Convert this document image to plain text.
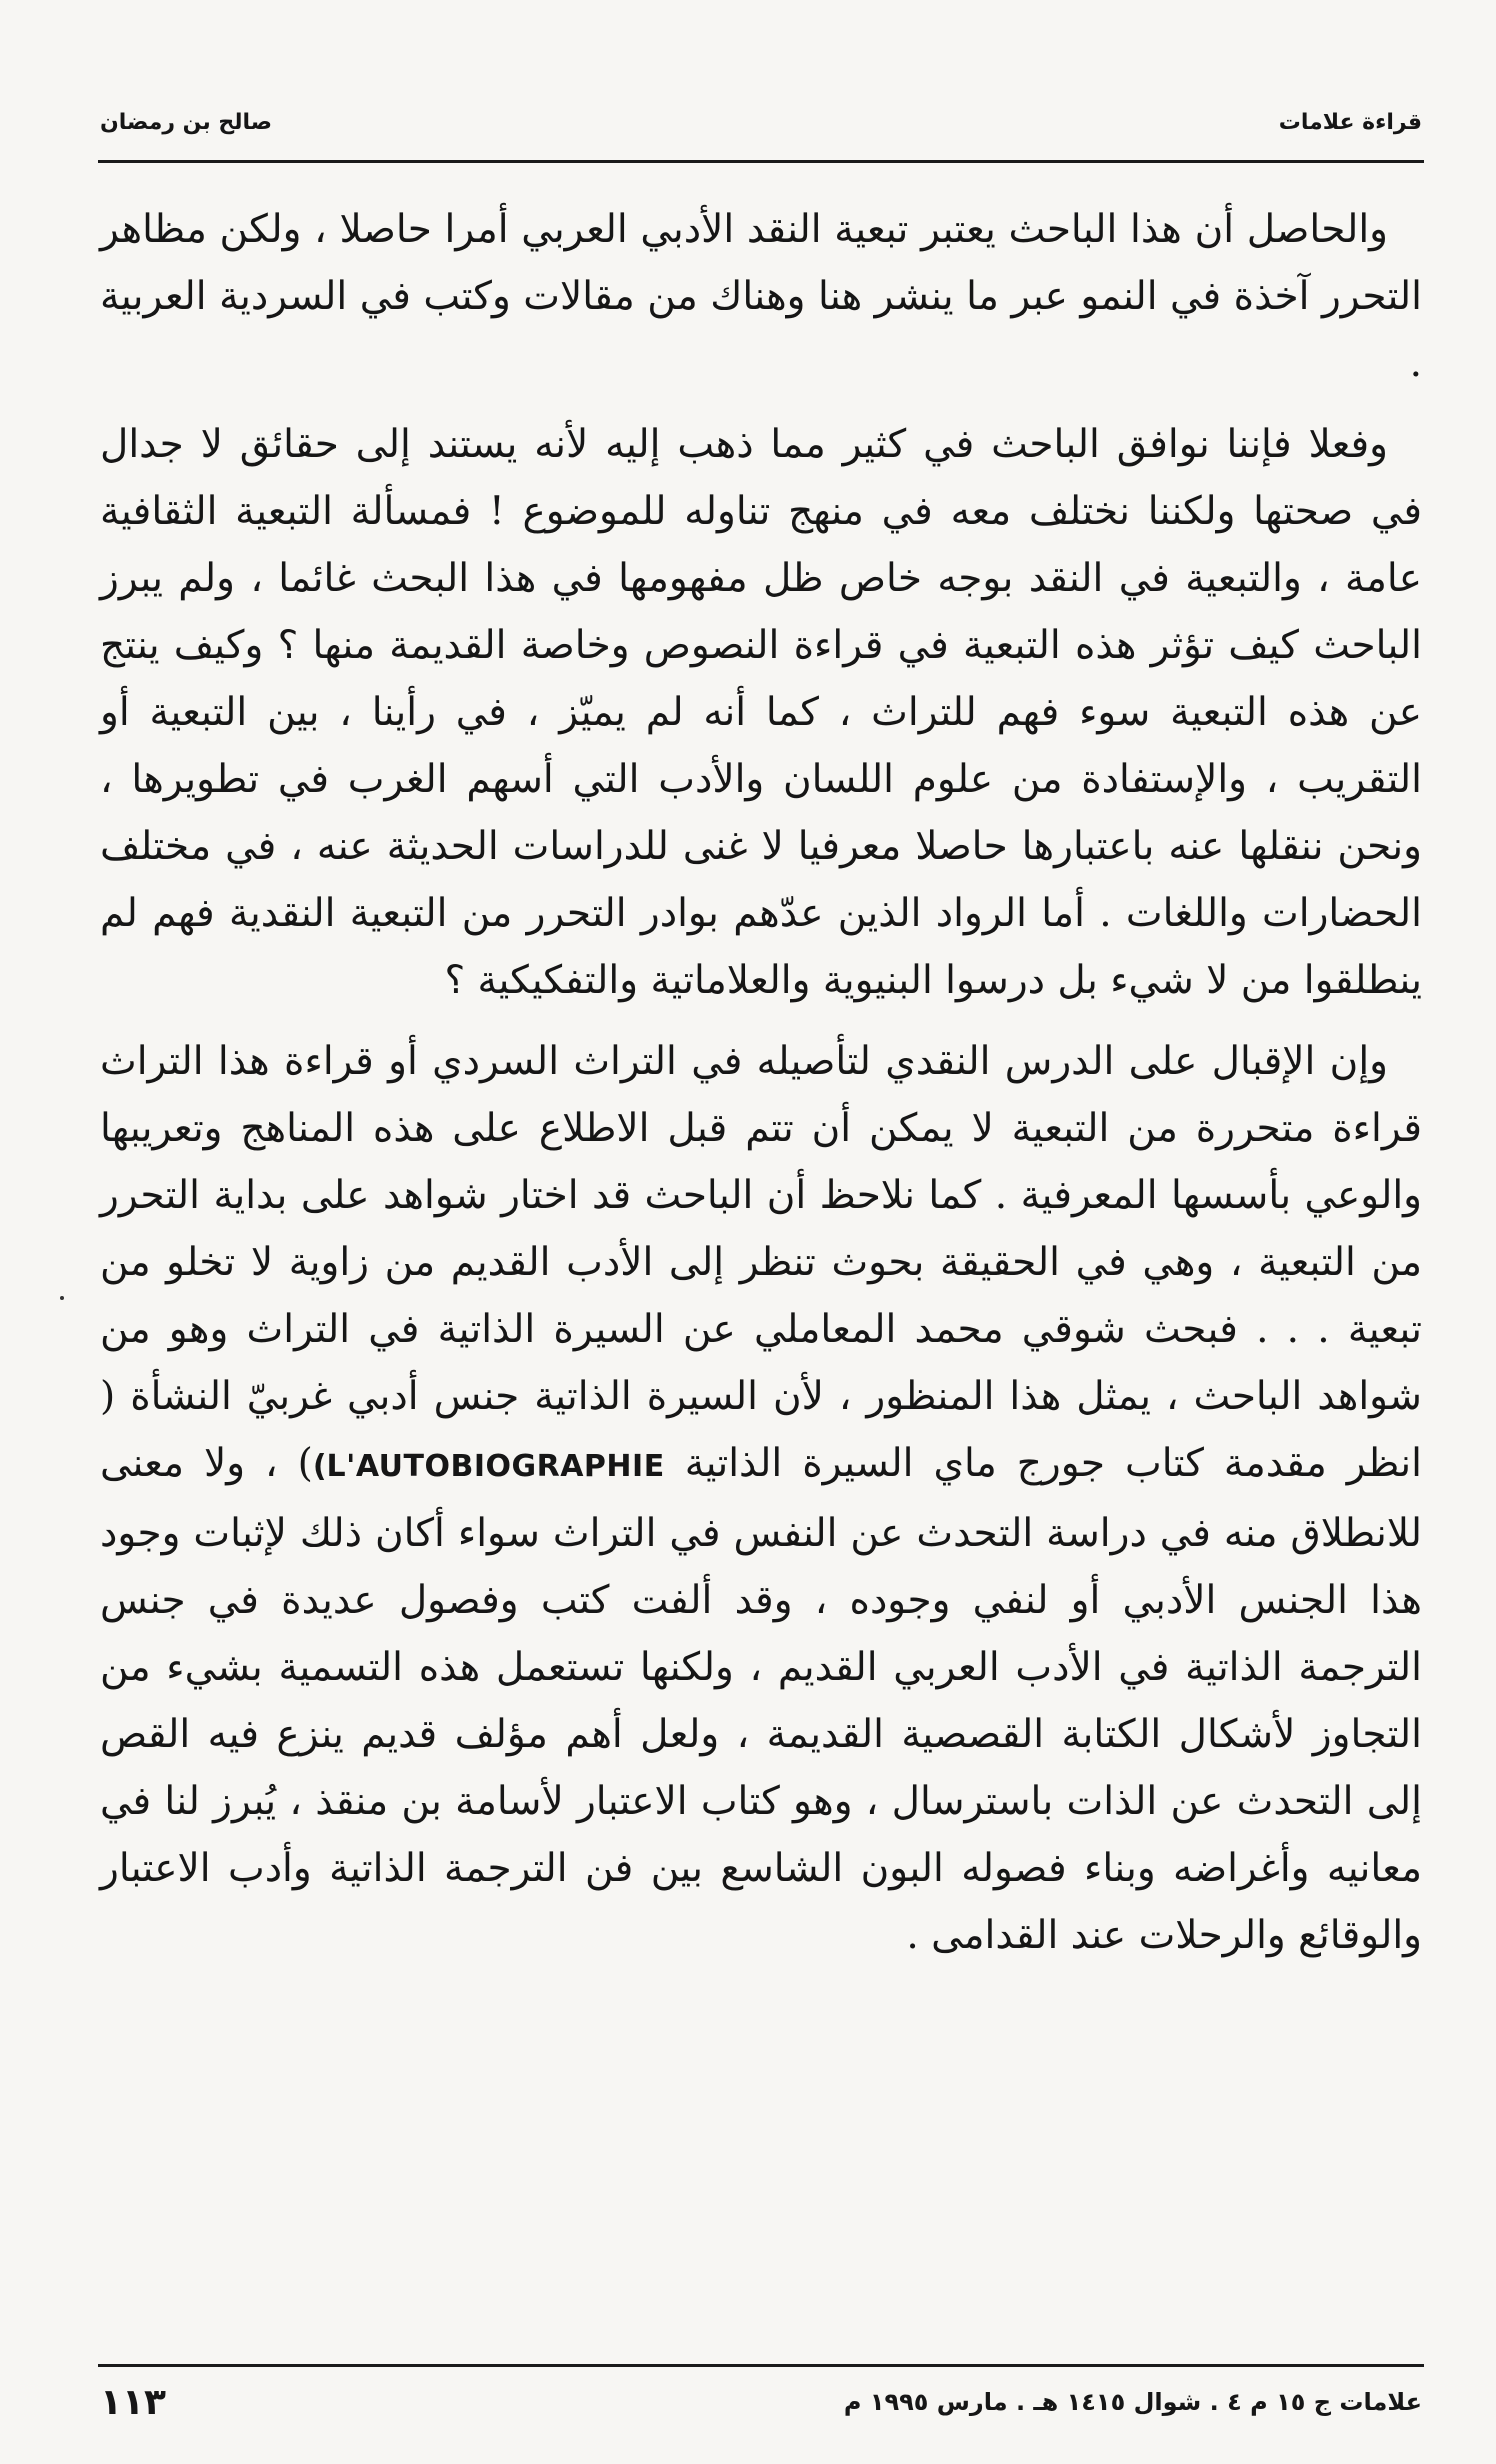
قراءة علامات
صالح بن رمضان

والحاصل أن هذا الباحث يعتبر تبعية النقد الأدبي العربي أمرا حاصلا ، ولكن مظاهر التحرر آخذة في النمو عبر ما ينشر هنا وهناك من مقالات وكتب في السردية العربية .

وفعلا فإننا نوافق الباحث في كثير مما ذهب إليه لأنه يستند إلى حقائق لا جدال في صحتها ولكننا نختلف معه في منهج تناوله للموضوع ! فمسألة التبعية الثقافية عامة ، والتبعية في النقد بوجه خاص ظل مفهومها في هذا البحث غائما ، ولم يبرز الباحث كيف تؤثر هذه التبعية في قراءة النصوص وخاصة القديمة منها ؟ وكيف ينتج عن هذه التبعية سوء فهم للتراث ، كما أنه لم يميّز ، في رأينا ، بين التبعية أو التقريب ، والإستفادة من علوم اللسان والأدب التي أسهم الغرب في تطويرها ، ونحن ننقلها عنه باعتبارها حاصلا معرفيا لا غنى للدراسات الحديثة عنه ، في مختلف الحضارات واللغات . أما الرواد الذين عدّهم بوادر التحرر من التبعية النقدية فهم لم ينطلقوا من لا شيء بل درسوا البنيوية والعلاماتية والتفكيكية ؟

وإن الإقبال على الدرس النقدي لتأصيله في التراث السردي أو قراءة هذا التراث قراءة متحررة من التبعية لا يمكن أن تتم قبل الاطلاع على هذه المناهج وتعريبها والوعي بأسسها المعرفية . كما نلاحظ أن الباحث قد اختار شواهد على بداية التحرر من التبعية ، وهي في الحقيقة بحوث تنظر إلى الأدب القديم من زاوية لا تخلو من تبعية . . . فبحث شوقي محمد المعاملي عن السيرة الذاتية في التراث وهو من شواهد الباحث ، يمثل هذا المنظور ، لأن السيرة الذاتية جنس أدبي غربيّ النشأة ( انظر مقدمة كتاب جورج ماي السيرة الذاتية (L'AUTOBIOGRAPHIE) ، ولا معنى للانطلاق منه في دراسة التحدث عن النفس في التراث سواء أكان ذلك لإثبات وجود هذا الجنس الأدبي أو لنفي وجوده ، وقد ألفت كتب وفصول عديدة في جنس الترجمة الذاتية في الأدب العربي القديم ، ولكنها تستعمل هذه التسمية بشيء من التجاوز لأشكال الكتابة القصصية القديمة ، ولعل أهم مؤلف قديم ينزع فيه القص إلى التحدث عن الذات باسترسال ، وهو كتاب الاعتبار لأسامة بن منقذ ، يُبرز لنا في معانيه وأغراضه وبناء فصوله البون الشاسع بين فن الترجمة الذاتية وأدب الاعتبار والوقائع والرحلات عند القدامى .

علامات ج ١٥ م ٤ . شوال ١٤١٥ هـ . مارس ١٩٩٥ م
١١٣
